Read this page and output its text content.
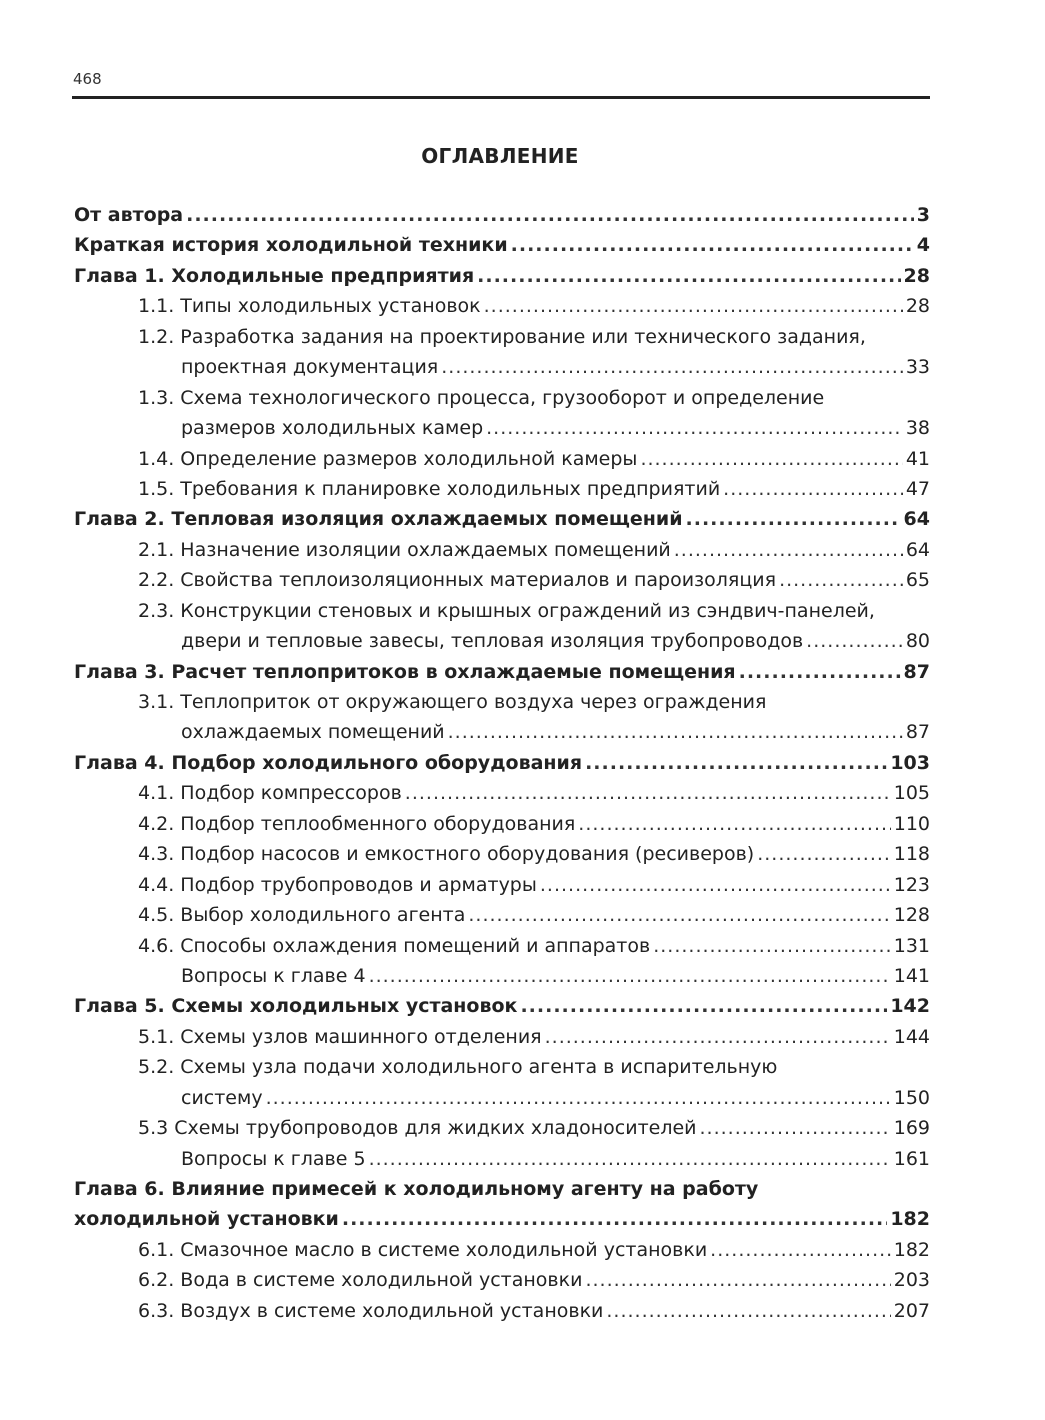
468
ОГЛАВЛЕНИЕ
От автора .....	3
Краткая история холодильной техники .....	4
Глава 1. Холодильные предприятия .....	28
1.1. Типы холодильных установок .....	28
1.2. Разработка задания на проектирование или технического задания,
проектная документация .....	33
1.3. Схема технологического процесса, грузооборот и определение
размеров холодильных камер .....	38
1.4. Определение размеров холодильной камеры .....	41
1.5. Требования к планировке холодильных предприятий .....	47
Глава 2. Тепловая изоляция охлаждаемых помещений .....	64
2.1. Назначение изоляции охлаждаемых помещений .....	64
2.2. Свойства теплоизоляционных материалов и пароизоляция .....	65
2.3. Конструкции стеновых и крышных ограждений из сэндвич-панелей,
двери и тепловые завесы, тепловая изоляция трубопроводов .....	80
Глава 3. Расчет теплопритоков в охлаждаемые помещения .....	87
3.1. Теплоприток от окружающего воздуха через ограждения
охлаждаемых помещений .....	87
Глава 4. Подбор холодильного оборудования .....	103
4.1. Подбор компрессоров .....	105
4.2. Подбор теплообменного оборудования .....	110
4.3. Подбор насосов и емкостного оборудования (ресиверов) .....	118
4.4. Подбор трубопроводов и арматуры .....	123
4.5. Выбор холодильного агента .....	128
4.6. Способы охлаждения помещений и аппаратов .....	131
Вопросы к главе 4 .....	141
Глава 5. Схемы холодильных установок .....	142
5.1. Схемы узлов машинного отделения .....	144
5.2. Схемы узла подачи холодильного агента в испарительную
систему .....	150
5.3 Схемы трубопроводов для жидких хладоносителей .....	169
Вопросы к главе 5 .....	161
Глава 6. Влияние примесей к холодильному агенту на работу
холодильной установки .....	182
6.1. Смазочное масло в системе холодильной установки .....	182
6.2. Вода в системе холодильной установки .....	203
6.3. Воздух в системе холодильной установки .....	207
